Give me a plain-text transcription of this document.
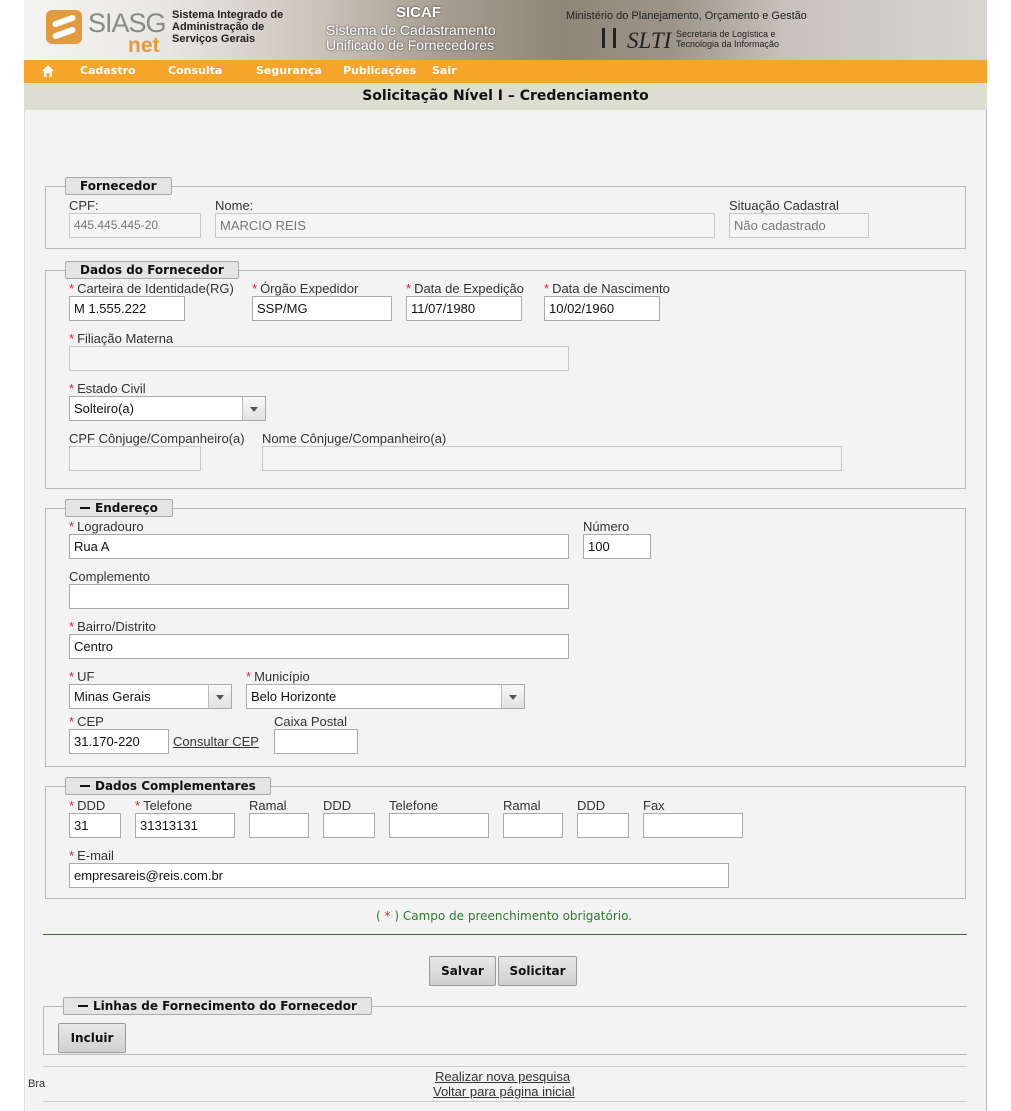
SIASG
net
Sistema Integrado de
Administração de
Serviços Gerais
SICAF
Sistema de Cadastramento
Unificado de Fornecedores
Ministério do Planejamento, Orçamento e Gestão
SLTI Secretaria de Logística e
Tecnologia da Informação
Cadastro	Consulta	Segurança Publicações Sair
Solicitação Nível I – Credenciamento
Fornecedor
CPF:
445.445.445-20
Nome:
MARCIO REIS
Situação Cadastral
Não cadastrado
Dados do Fornecedor
* Carteira de Identidade(RG)
M 1.555.222
* Órgão Expedidor
SSP/MG
* Data de Expedição
11/07/1980
* Data de Nascimento
10/02/1960
* Filiação Materna
* Estado Civil
Solteiro(a)
CPF Cônjuge/Companheiro(a) Nome Cônjuge/Companheiro(a)
Endereço
* Logradouro
Rua A
Número
100
Complemento
* Bairro/Distrito
Centro
* UF
Minas Gerais
* Município
Belo Horizonte
* CEP
31.170-220	Consultar CEP
Caixa Postal
Dados Complementares
* DDD
31
* Telefone
31313131
Ramal	DDD	Telefone	Ramal	DDD	Fax
* E-mail
empresareis@reis.com.br
( * ) Campo de preenchimento obrigatório.
Salvar	Solicitar
Linhas de Fornecimento do Fornecedor
Incluir
Realizar nova pesquisa
Voltar para página inicial
Bra
